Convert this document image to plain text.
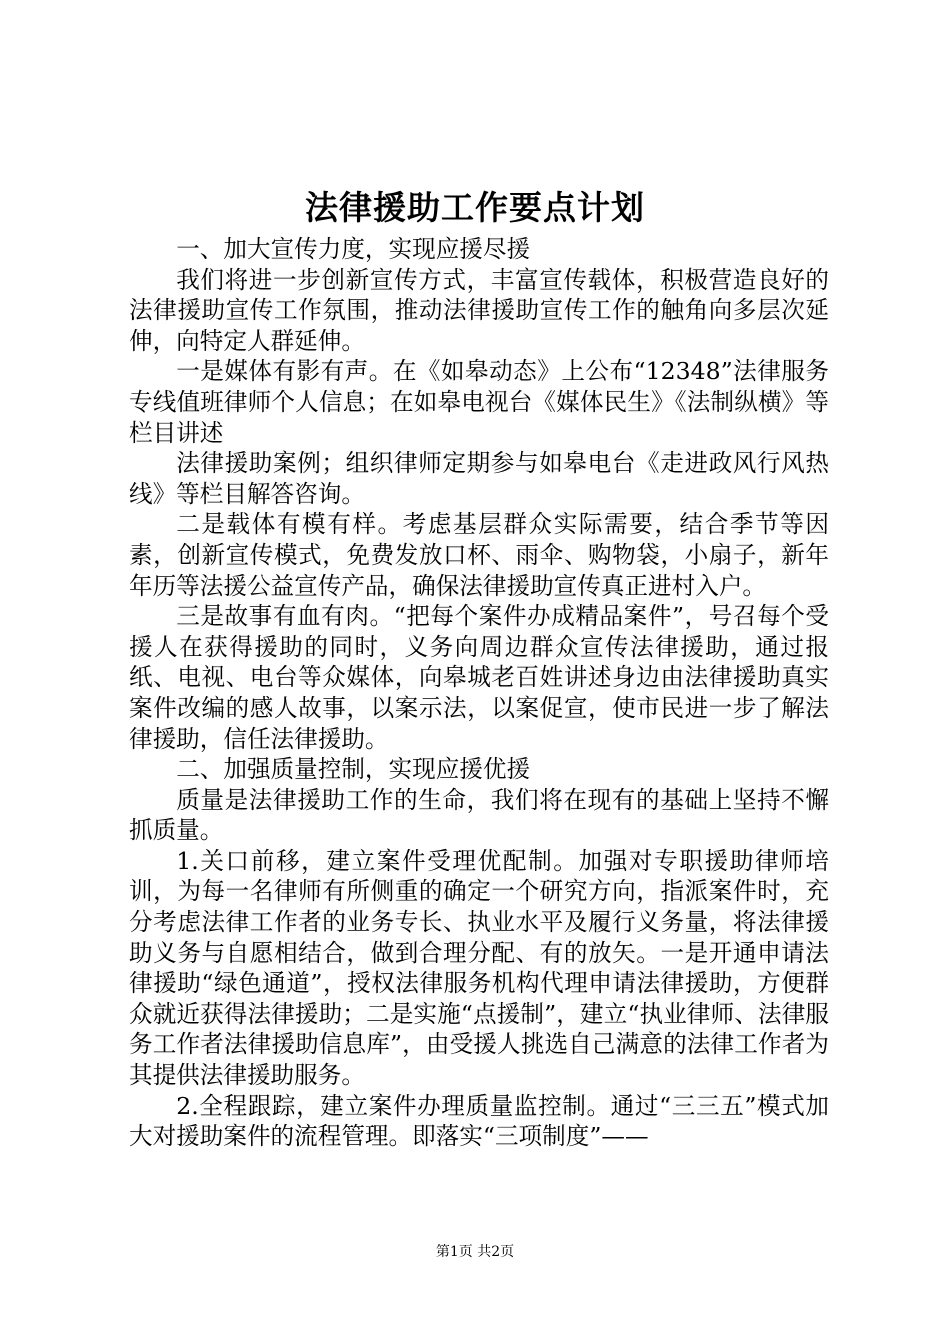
法律援助工作要点计划

一、加大宣传力度，实现应援尽援

我们将进一步创新宣传方式，丰富宣传载体，积极营造良好的法律援助宣传工作氛围，推动法律援助宣传工作的触角向多层次延伸，向特定人群延伸。

一是媒体有影有声。在《如皋动态》上公布“12348”法律服务专线值班律师个人信息；在如皋电视台《媒体民生》《法制纵横》等栏目讲述

法律援助案例；组织律师定期参与如皋电台《走进政风行风热线》等栏目解答咨询。

二是载体有模有样。考虑基层群众实际需要，结合季节等因素，创新宣传模式，免费发放口杯、雨伞、购物袋，小扇子，新年年历等法援公益宣传产品，确保法律援助宣传真正进村入户。

三是故事有血有肉。“把每个案件办成精品案件”，号召每个受援人在获得援助的同时，义务向周边群众宣传法律援助，通过报纸、电视、电台等众媒体，向皋城老百姓讲述身边由法律援助真实案件改编的感人故事，以案示法，以案促宣，使市民进一步了解法律援助，信任法律援助。

二、加强质量控制，实现应援优援

质量是法律援助工作的生命，我们将在现有的基础上坚持不懈抓质量。

1.关口前移，建立案件受理优配制。加强对专职援助律师培训，为每一名律师有所侧重的确定一个研究方向，指派案件时，充分考虑法律工作者的业务专长、执业水平及履行义务量，将法律援助义务与自愿相结合，做到合理分配、有的放矢。一是开通申请法律援助“绿色通道”，授权法律服务机构代理申请法律援助，方便群众就近获得法律援助；二是实施“点援制”，建立“执业律师、法律服务工作者法律援助信息库”，由受援人挑选自己满意的法律工作者为其提供法律援助服务。

2.全程跟踪，建立案件办理质量监控制。通过“三三五”模式加大对援助案件的流程管理。即落实“三项制度”——

第1页 共2页
